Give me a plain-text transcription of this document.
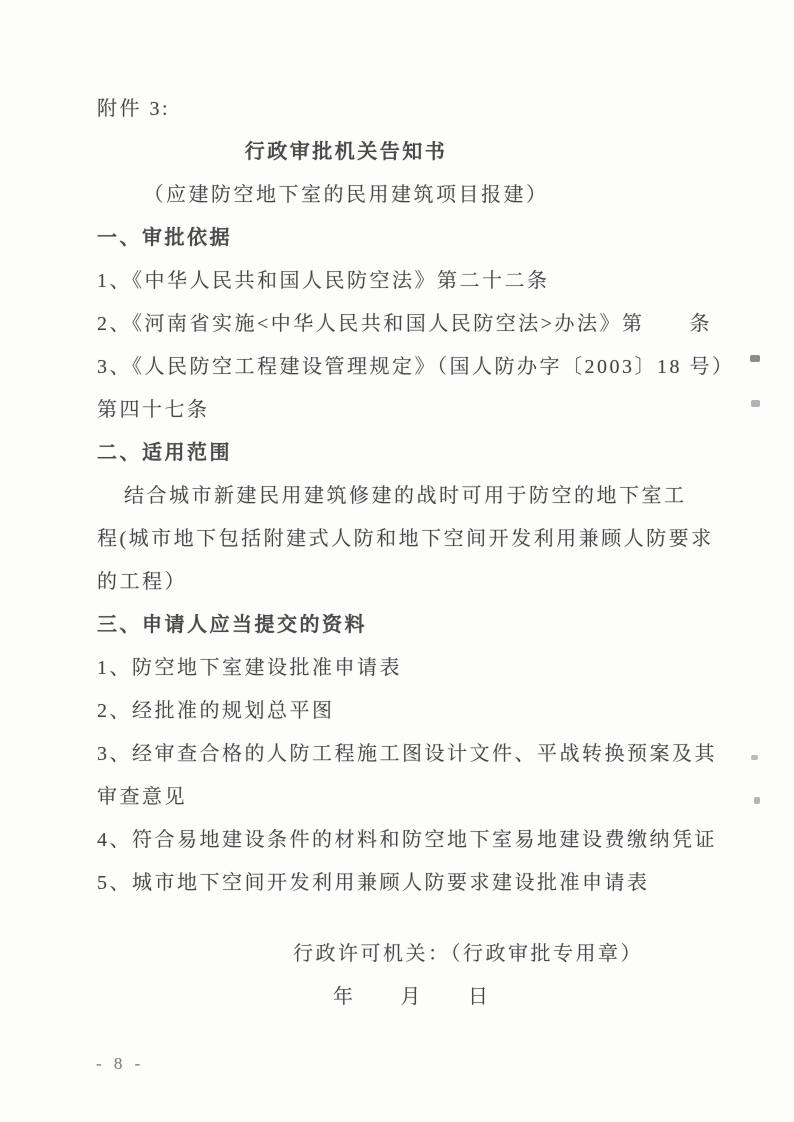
附件 3:
行政审批机关告知书
（应建防空地下室的民用建筑项目报建）
一、审批依据
1、《中华人民共和国人民防空法》第二十二条
2、《河南省实施<中华人民共和国人民防空法>办法》第　　条
3、《人民防空工程建设管理规定》（国人防办字〔2003〕18 号）
第四十七条
二、适用范围
结合城市新建民用建筑修建的战时可用于防空的地下室工
程(城市地下包括附建式人防和地下空间开发利用兼顾人防要求
的工程）
三、申请人应当提交的资料
1、防空地下室建设批准申请表
2、经批准的规划总平图
3、经审查合格的人防工程施工图设计文件、平战转换预案及其
审查意见
4、符合易地建设条件的材料和防空地下室易地建设费缴纳凭证
5、城市地下空间开发利用兼顾人防要求建设批准申请表
行政许可机关：（行政审批专用章）
年　　月　　日
- 8 -
